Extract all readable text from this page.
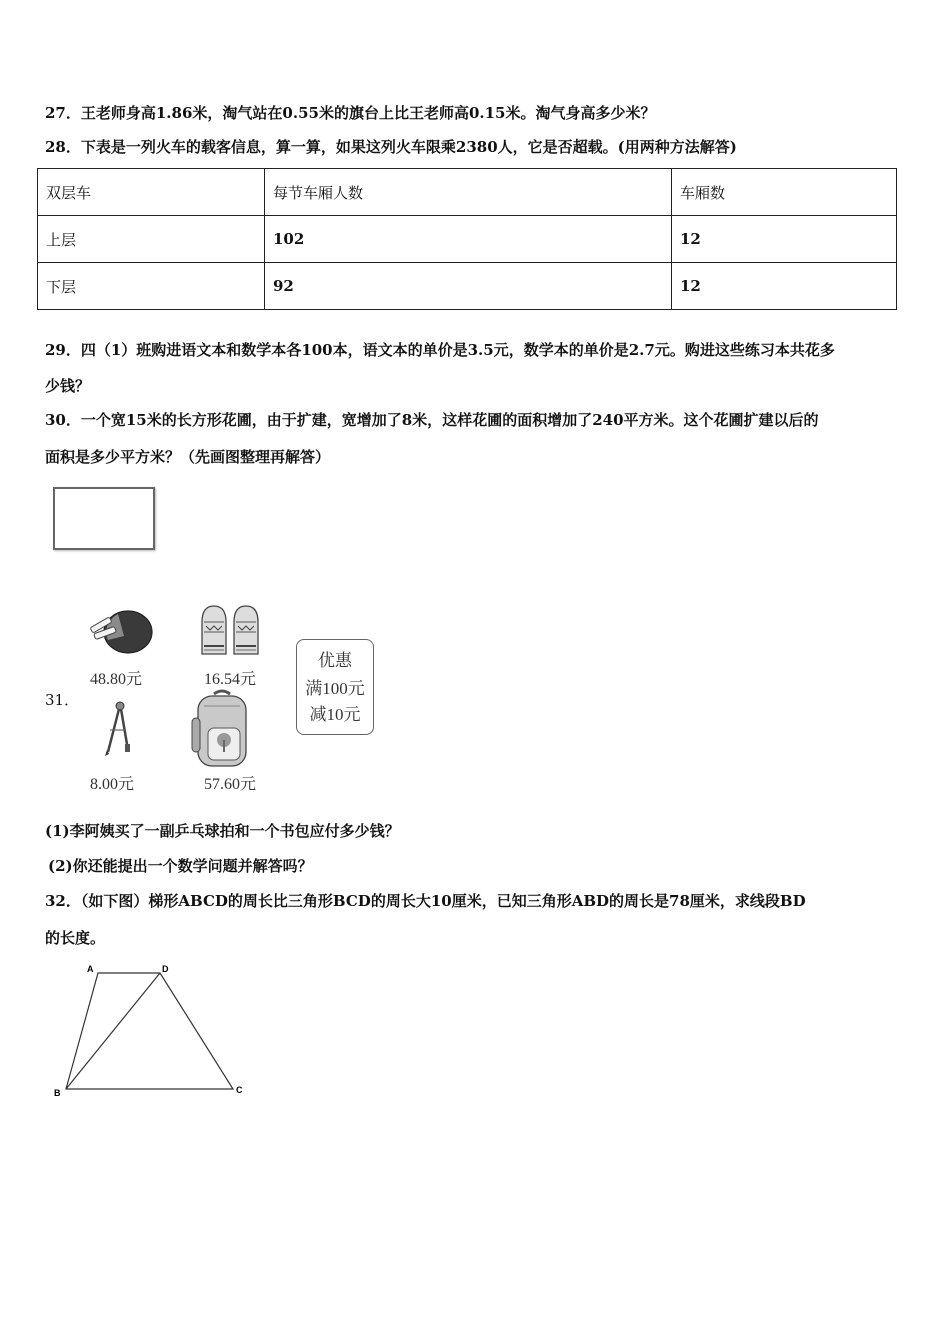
27．王老师身高1.86米，淘气站在0.55米的旗台上比王老师高0.15米。淘气身高多少米？
28．下表是一列火车的载客信息，算一算，如果这列火车限乘2380人，它是否超载。(用两种方法解答)
双层车	每节车厢人数	车厢数
上层	102	12
下层	92	12
29．四（1）班购进语文本和数学本各100本，语文本的单价是3.5元，数学本的单价是2.7元。购进这些练习本共花多
少钱？
30．一个宽15米的长方形花圃，由于扩建，宽增加了8米，这样花圃的面积增加了240平方米。这个花圃扩建以后的
面积是多少平方米？（先画图整理再解答）
31．
48.80元	16.54元
8.00元	57.60元
优惠
满100元
减10元
(1)李阿姨买了一副乒乓球拍和一个书包应付多少钱？
(2)你还能提出一个数学问题并解答吗？
32．（如下图）梯形ABCD的周长比三角形BCD的周长大10厘米，已知三角形ABD的周长是78厘米，求线段BD
的长度。
A	D
B	C
